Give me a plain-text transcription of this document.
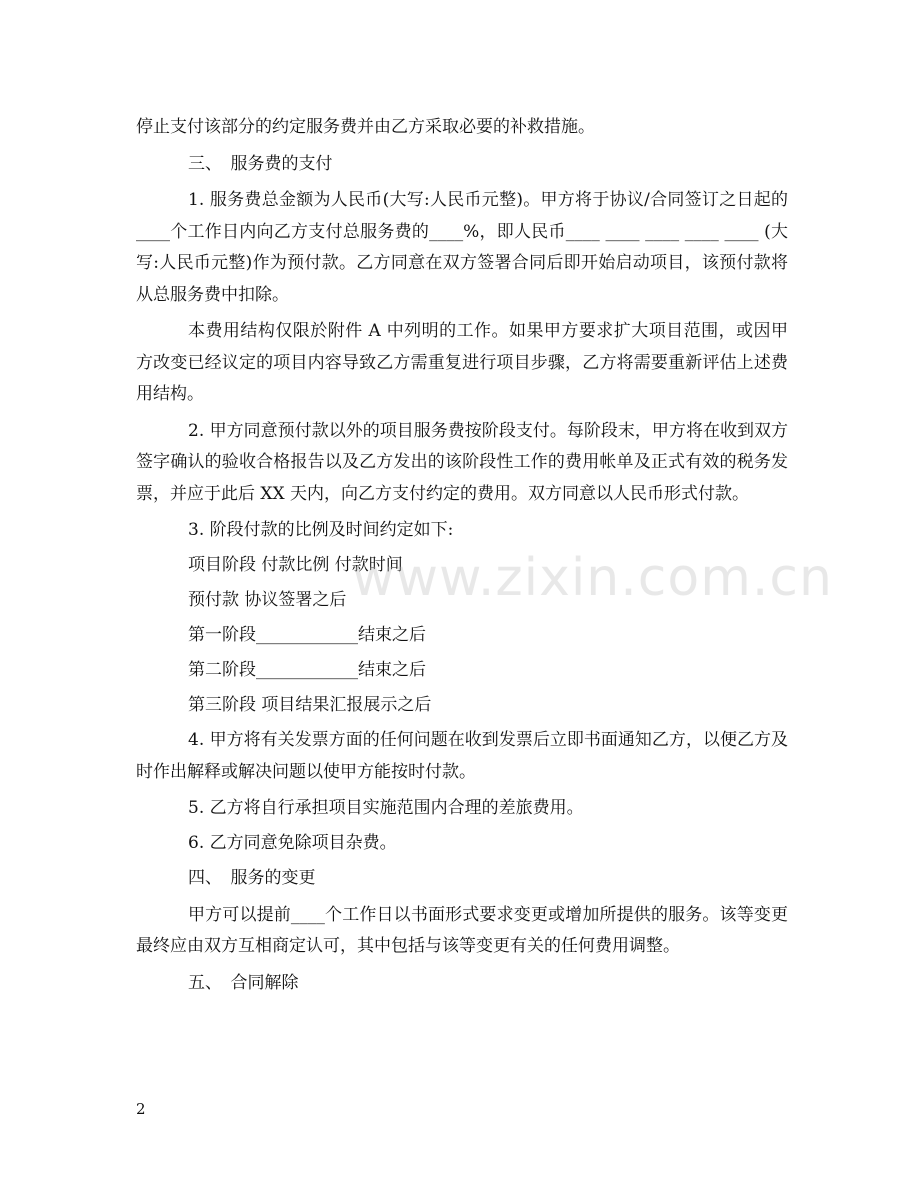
停止支付该部分的约定服务费并由乙方采取必要的补救措施。

三、　服务费的支付

1. 服务费总金额为人民币(大写:人民币元整)。甲方将于协议/合同签订之日起的____个工作日内向乙方支付总服务费的____%，即人民币____ ____ ____ ____ ____ (大写:人民币元整)作为预付款。乙方同意在双方签署合同后即开始启动项目，该预付款将从总服务费中扣除。

本费用结构仅限於附件 A 中列明的工作。如果甲方要求扩大项目范围，或因甲方改变已经议定的项目内容导致乙方需重复进行项目步骤，乙方将需要重新评估上述费用结构。

2. 甲方同意预付款以外的项目服务费按阶段支付。每阶段末，甲方将在收到双方签字确认的验收合格报告以及乙方发出的该阶段性工作的费用帐单及正式有效的税务发票，并应于此后 XX 天内，向乙方支付约定的费用。双方同意以人民币形式付款。

3. 阶段付款的比例及时间约定如下:

项目阶段 付款比例 付款时间

预付款 协议签署之后

第一阶段____________结束之后

第二阶段____________结束之后

第三阶段 项目结果汇报展示之后

4. 甲方将有关发票方面的任何问题在收到发票后立即书面通知乙方，以便乙方及时作出解释或解决问题以使甲方能按时付款。

5. 乙方将自行承担项目实施范围内合理的差旅费用。

6. 乙方同意免除项目杂费。

四、　服务的变更

甲方可以提前____个工作日以书面形式要求变更或增加所提供的服务。该等变更最终应由双方互相商定认可，其中包括与该等变更有关的任何费用调整。

五、　合同解除

www.zixin.com.cn
2
